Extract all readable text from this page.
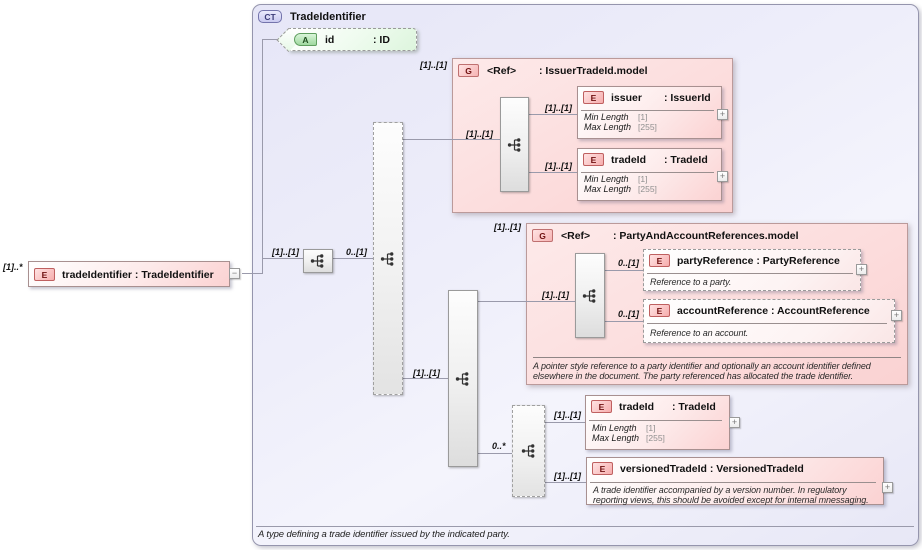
CT	TradeIdentifier
G	<Ref>	: IssuerTradeId.model
G	<Ref>	: PartyAndAccountReferences.model
A pointer style reference to a party identifier and optionally an account identifier defined
elsewhere in the document. The party referenced has allocated the trade identifier.
A type defining a trade identifier issued by the indicated party.
A	id	: ID
E	tradeIdentifier : TradeIdentifier	−
E	issuer	: IssuerId
Min Length	[1]
Max Length [255]
+
E	tradeId	: TradeId
Min Length	[1]
Max Length [255]
+
E	partyReference : PartyReference
Reference to a party.
+
E	accountReference : AccountReference
Reference to an account.
+
E	tradeId	: TradeId
Min Length	[1]
Max Length [255]
+
E	versionedTradeId : VersionedTradeId
A trade identifier accompanied by a version number. In regulatory
reporting views, this should be avoided except for internal mnessaging.
+
[1]..*
[1]..[1]	0..[1]
[1]..[1]
[1]..[1]
[1]..[1]
[1]..[1]
[1]..[1]
[1]..[1]
[1]..[1]
0..[1]
0..[1]
0..*
[1]..[1]
[1]..[1]
